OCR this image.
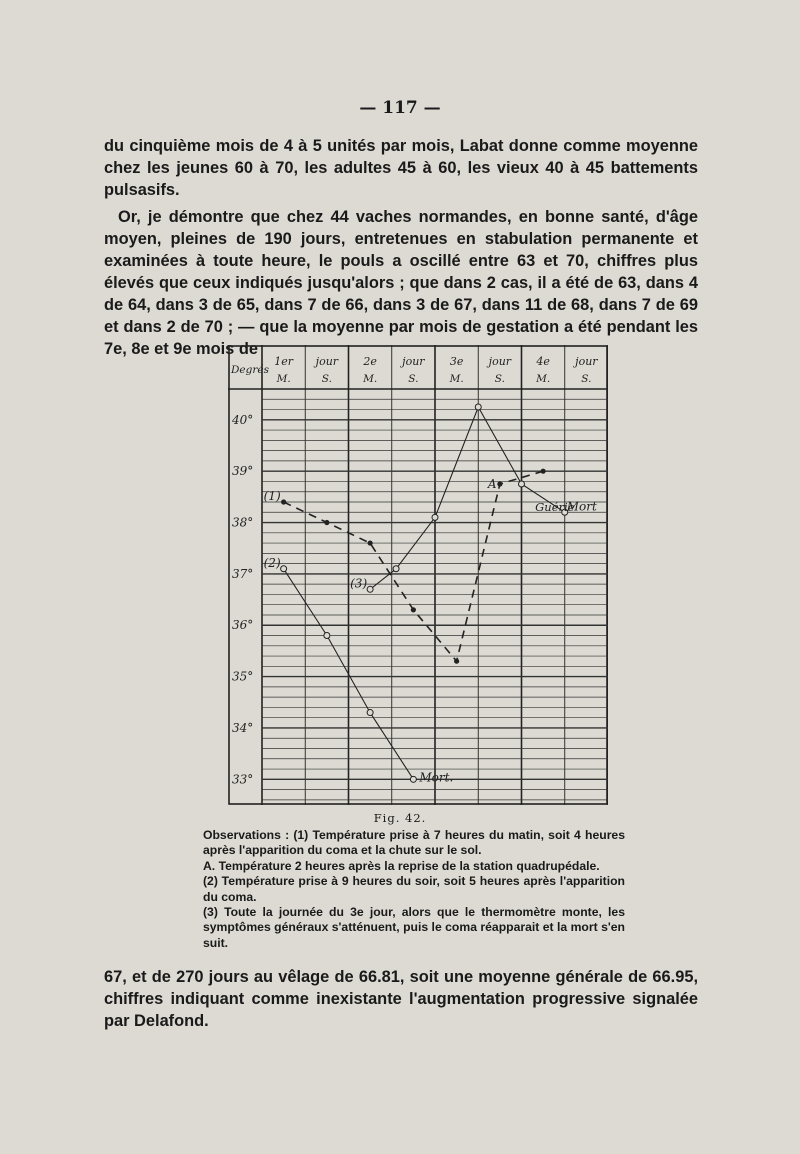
— 117 —

du cinquième mois de 4 à 5 unités par mois, Labat donne comme moyenne chez les jeunes 60 à 70, les adultes 45 à 60, les vieux 40 à 45 battements pulsasifs.

Or, je démontre que chez 44 vaches normandes, en bonne santé, d'âge moyen, pleines de 190 jours, entretenues en stabulation permanente et examinées à toute heure, le pouls a oscillé entre 63 et 70, chiffres plus élevés que ceux indiqués jusqu'alors ; que dans 2 cas, il a été de 63, dans 4 de 64, dans 3 de 65, dans 7 de 66, dans 3 de 67, dans 11 de 68, dans 7 de 69 et dans 2 de 70 ; — que la moyenne par mois de gestation a été pendant les 7e, 8e et 9e mois de

40°
39°
38°
37°
36°
35°
34°
33°
Degrés
1er jour 2e jour 3e jour 4e jour
M.	S.	M.	S.	M.	S.	M.	S.
(1)
(2)
(3)
A
Mort
Guérie
Mort.
Fig. 42.

Observations : (1) Température prise à 7 heures du matin, soit 4 heures après l'apparition du coma et la chute sur le sol.

A. Température 2 heures après la reprise de la station quadrupédale.

(2) Température prise à 9 heures du soir, soit 5 heures après l'apparition du coma.

(3) Toute la journée du 3e jour, alors que le thermomètre monte, les symptômes généraux s'atténuent, puis le coma réapparait et la mort s'en suit.

67, et de 270 jours au vêlage de 66.81, soit une moyenne générale de 66.95, chiffres indiquant comme inexistante l'augmentation progressive signalée par Delafond.
